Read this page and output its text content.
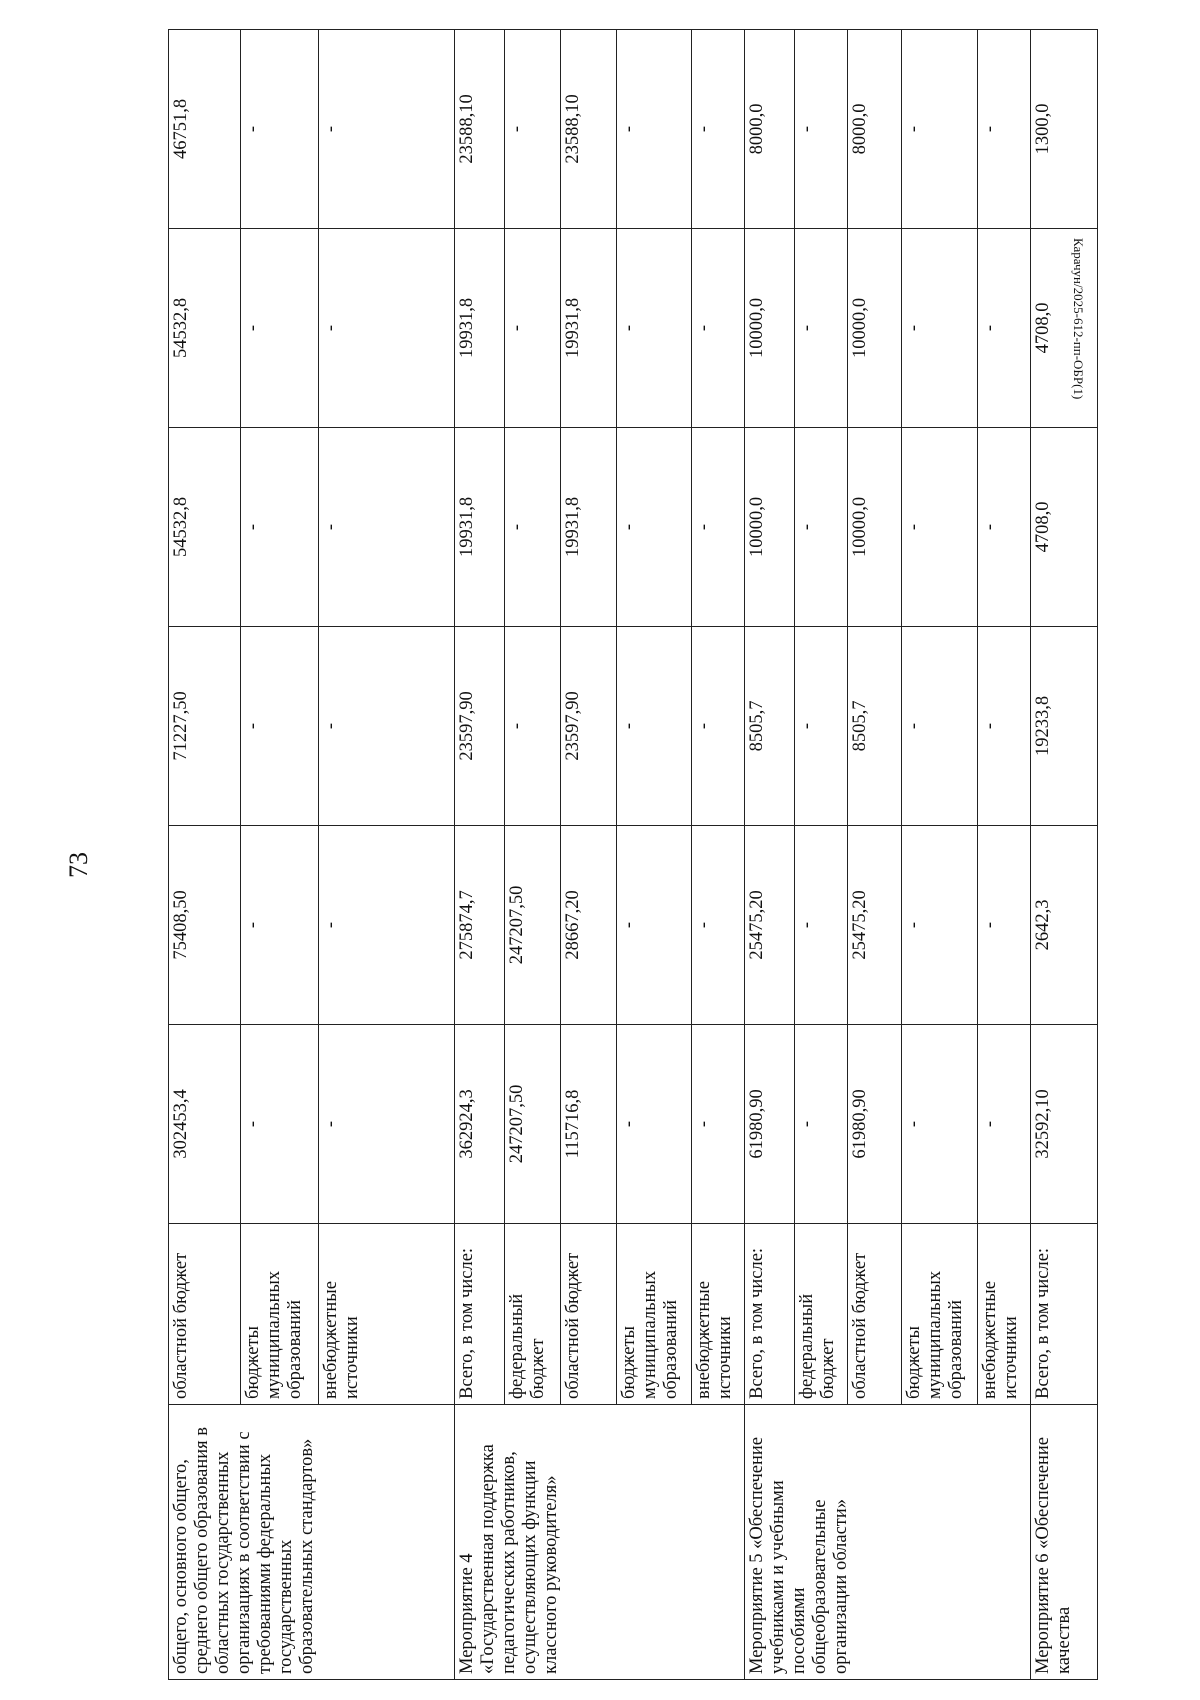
73
Карачун/2025-612-пп-ОБР(1)
общего, основного общего, среднего общего образования в областных государственных организациях в соответствии с требованиями федеральных государственных образовательных стандартов»	областной бюджет	302453,4	75408,50	71227,50	54532,8	54532,8	46751,8
	бюджеты муниципальных образований	-	-	-	-	-	-
	внебюджетные источники	-	-	-	-	-	-
Мероприятие 4 «Государственная поддержка педагогических работников, осуществляющих функции классного руководителя»	Всего, в том числе:	362924,3	275874,7	23597,90	19931,8	19931,8	23588,10
	федеральный бюджет	247207,50	247207,50	-	-	-	-
	областной бюджет	115716,8	28667,20	23597,90	19931,8	19931,8	23588,10
	бюджеты муниципальных образований	-	-	-	-	-	-
	внебюджетные источники	-	-	-	-	-	-
Мероприятие 5 «Обеспечение учебниками и учебными пособиями общеобразовательные организации области»	Всего, в том числе:	61980,90	25475,20	8505,7	10000,0	10000,0	8000,0
	федеральный бюджет	-	-	-	-	-	-
	областной бюджет	61980,90	25475,20	8505,7	10000,0	10000,0	8000,0
	бюджеты муниципальных образований	-	-	-	-	-	-
	внебюджетные источники	-	-	-	-	-	-
Мероприятие 6 «Обеспечение качества	Всего, в том числе:	32592,10	2642,3	19233,8	4708,0	4708,0	1300,0
